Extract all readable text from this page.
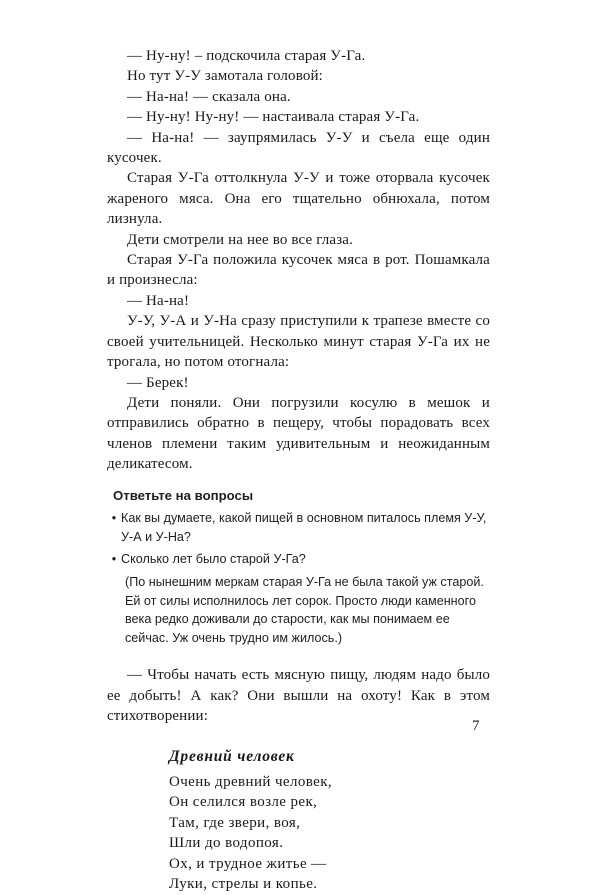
— Ну-ну! – подскочила старая У-Га.

Но тут У-У замотала головой:

— На-на! — сказала она.

— Ну-ну! Ну-ну! — настаивала старая У-Га.

— На-на! — заупрямилась У-У и съела еще один кусочек.

Старая У-Га оттолкнула У-У и тоже оторвала кусочек жареного мяса. Она его тщательно обнюхала, потом лизнула.

Дети смотрели на нее во все глаза.

Старая У-Га положила кусочек мяса в рот. Пошамкала и произнесла:

— На-на!

У-У, У-А и У-На сразу приступили к трапезе вместе со своей учительницей. Несколько минут старая У-Га их не трогала, но потом отогнала:

— Берек!

Дети поняли. Они погрузили косулю в мешок и отправились обратно в пещеру, чтобы порадовать всех членов племени таким удивительным и неожиданным деликатесом.

Ответьте на вопросы
• Как вы думаете, какой пищей в основном питалось племя У-У, У-А и У-На?
• Сколько лет было старой У-Га?
(По нынешним меркам старая У-Га не была такой уж старой. Ей от силы исполнилось лет сорок. Просто люди каменного века редко доживали до старости, как мы понимаем ее сейчас. Уж очень трудно им жилось.)

— Чтобы начать есть мясную пищу, людям надо было ее добыть! А как? Они вышли на охоту! Как в этом стихотворении:

Древний человек
Очень древний человек,
Он селился возле рек,
Там, где звери, воя,
Шли до водопоя.
Ох, и трудное житье —
Луки, стрелы и копье.
7
